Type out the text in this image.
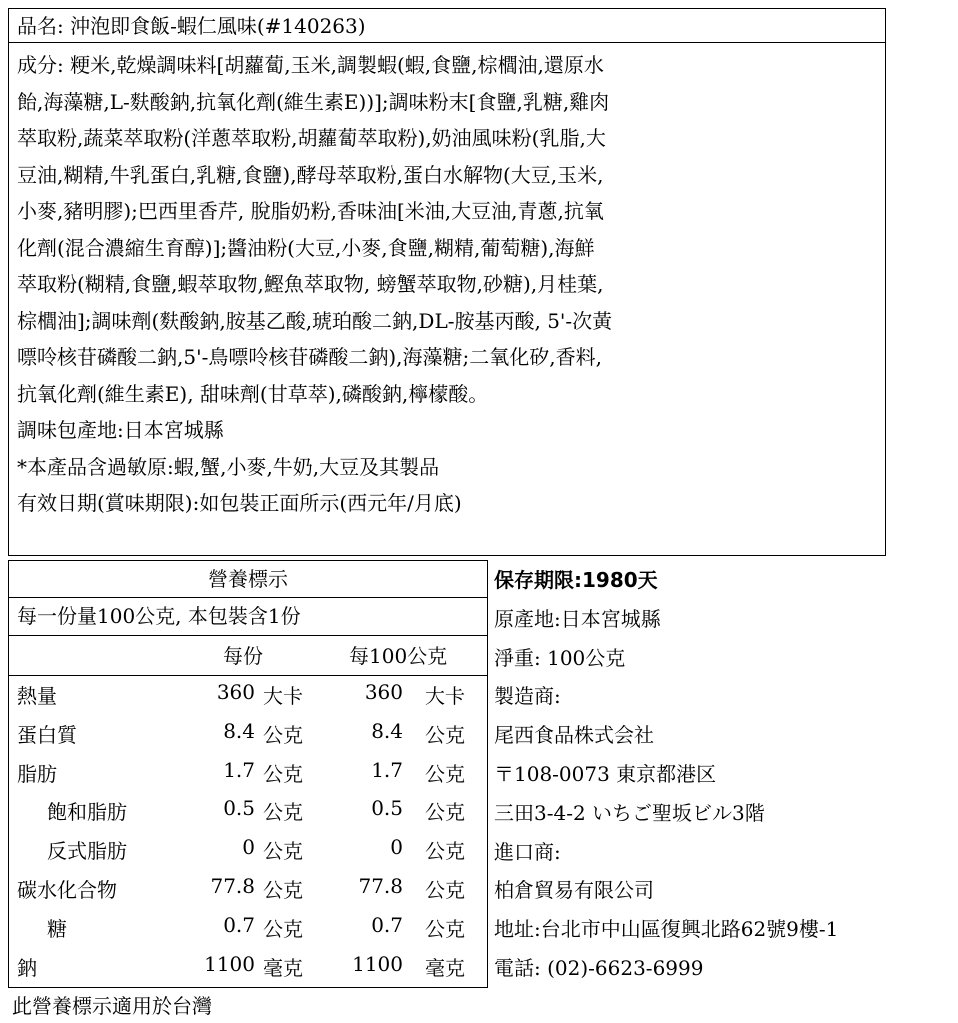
品名: 沖泡即食飯-蝦仁風味(#140263)

成分: 粳米,乾燥調味料[胡蘿蔔,玉米,調製蝦(蝦,食鹽,棕櫚油,還原水

飴,海藻糖,L-麩酸鈉,抗氧化劑(維生素E))];調味粉末[食鹽,乳糖,雞肉

萃取粉,蔬菜萃取粉(洋蔥萃取粉,胡蘿蔔萃取粉),奶油風味粉(乳脂,大

豆油,糊精,牛乳蛋白,乳糖,食鹽),酵母萃取粉,蛋白水解物(大豆,玉米,

小麥,豬明膠);巴西里香芹, 脫脂奶粉,香味油[米油,大豆油,青蔥,抗氧

化劑(混合濃縮生育醇)];醬油粉(大豆,小麥,食鹽,糊精,葡萄糖),海鮮

萃取粉(糊精,食鹽,蝦萃取物,鰹魚萃取物, 螃蟹萃取物,砂糖),月桂葉,

棕櫚油];調味劑(麩酸鈉,胺基乙酸,琥珀酸二鈉,DL-胺基丙酸, 5'-次黃

嘌呤核苷磷酸二鈉,5'-鳥嘌呤核苷磷酸二鈉),海藻糖;二氧化矽,香料,

抗氧化劑(維生素E), 甜味劑(甘草萃),磷酸鈉,檸檬酸。

調味包產地:日本宮城縣

*本產品含過敏原:蝦,蟹,小麥,牛奶,大豆及其製品

有效日期(賞味期限):如包裝正面所示(西元年/月底)

營養標示
每一份量100公克, 本包裝含1份
每份	每100公克
熱量	360 大卡	360 大卡
蛋白質	8.4 公克	8.4 公克
脂肪	1.7 公克	1.7 公克
飽和脂肪	0.5 公克	0.5 公克
反式脂肪	0 公克	0 公克
碳水化合物	77.8 公克	77.8 公克
糖	0.7 公克	0.7 公克
鈉	1100 毫克 1100 毫克
此營養標示適用於台灣
保存期限:1980天
原產地:日本宮城縣
淨重: 100公克
製造商:
尾西食品株式会社
〒108-0073 東京都港区
三田3-4-2 いちご聖坂ビル3階
進口商:
柏倉貿易有限公司
地址:台北市中山區復興北路62號9樓-1
電話: (02)-6623-6999
